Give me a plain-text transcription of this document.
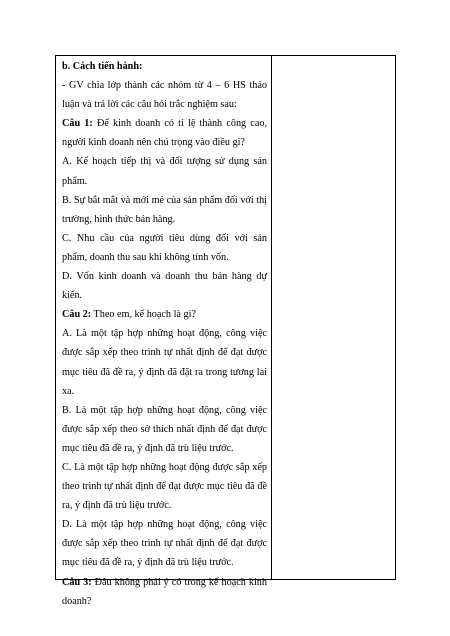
b. Cách tiến hành:

- GV chia lớp thành các nhóm từ 4 – 6 HS thảo luận và trả lời các câu hỏi trắc nghiệm sau:

Câu 1: Để kinh doanh có tỉ lệ thành công cao, người kinh doanh nên chú trọng vào điều gì?

A. Kế hoạch tiếp thị và đối tượng sử dụng sản phẩm.

B. Sự bắt mắt và mới mẻ của sản phẩm đối với thị trường, hình thức bán hàng.

C. Nhu cầu của người tiêu dùng đối với sản phẩm, doanh thu sau khi không tính vốn.

D. Vốn kinh doanh và doanh thu bán hàng dự kiến.

Câu 2: Theo em, kế hoạch là gì?

A. Là một tập hợp những hoạt động, công việc được sắp xếp theo trình tự nhất định để đạt được mục tiêu đã đề ra, ý định đã đặt ra trong tương lai xa.

B. Là một tập hợp những hoạt động, công việc được sắp xếp theo sở thích nhất định để đạt được mục tiêu đã đề ra, ý định đã trù liệu trước.

C. Là một tập hợp những hoạt động được sắp xếp theo trình tự nhất định để đạt được mục tiêu đã đề ra, ý định đã trù liệu trước.

D. Là một tập hợp những hoạt động, công việc được sắp xếp theo trình tự nhất định để đạt được mục tiêu đã đề ra, ý định đã trù liệu trước.

Câu 3: Đâu không phải ý có trong kế hoạch kinh doanh?
